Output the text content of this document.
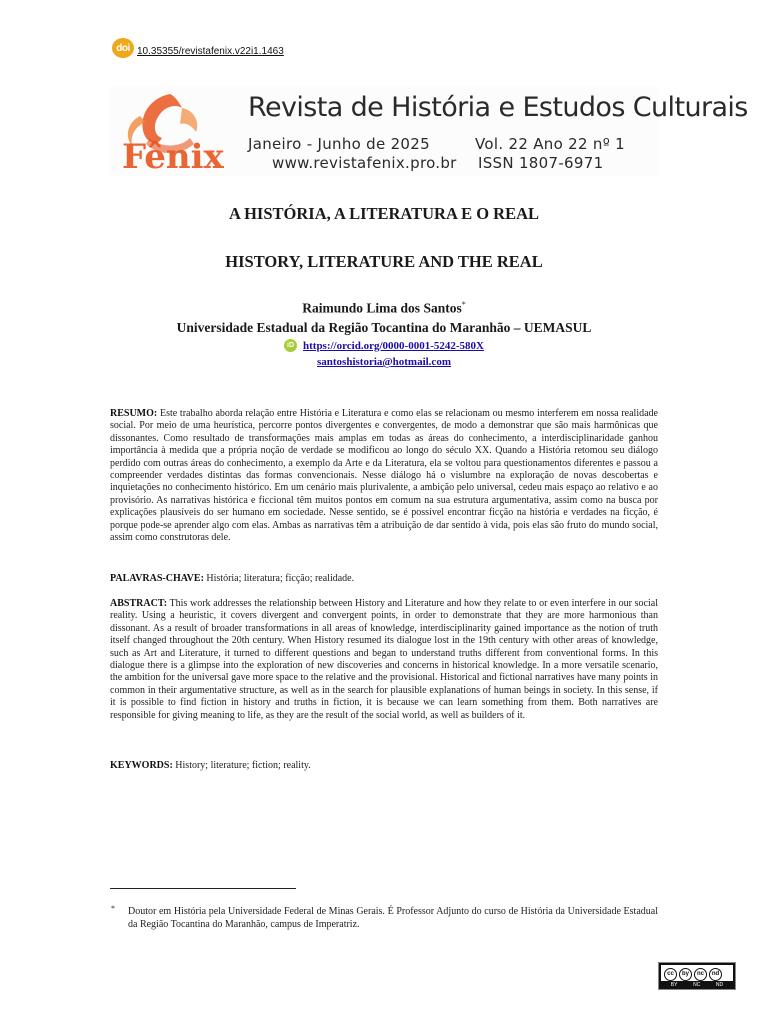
doi 10.35355/revistafenix.v22i1.1463
Fênix
Revista de História e Estudos Culturais
Janeiro - Junho de 2025	Vol. 22 Ano 22 nº 1
www.revistafenix.pro.br ISSN 1807-6971
A HISTÓRIA, A LITERATURA E O REAL
HISTORY, LITERATURE AND THE REAL
Raimundo Lima dos Santos*
Universidade Estadual da Região Tocantina do Maranhão – UEMASUL
iD https://orcid.org/0000-0001-5242-580X
santoshistoria@hotmail.com
RESUMO: Este trabalho aborda relação entre História e Literatura e como elas se relacionam ou mesmo interferem em nossa realidade social. Por meio de uma heurística, percorre pontos divergentes e convergentes, de modo a demonstrar que são mais harmônicas que dissonantes. Como resultado de transformações mais amplas em todas as áreas do conhecimento, a interdisciplinaridade ganhou importância à medida que a própria noção de verdade se modificou ao longo do século XX. Quando a História retomou seu diálogo perdido com outras áreas do conhecimento, a exemplo da Arte e da Literatura, ela se voltou para questionamentos diferentes e passou a compreender verdades distintas das formas convencionais. Nesse diálogo há o vislumbre na exploração de novas descobertas e inquietações no conhecimento histórico. Em um cenário mais plurivalente, a ambição pelo universal, cedeu mais espaço ao relativo e ao provisório. As narrativas histórica e ficcional têm muitos pontos em comum na sua estrutura argumentativa, assim como na busca por explicações plausíveis do ser humano em sociedade. Nesse sentido, se é possível encontrar ficção na história e verdades na ficção, é porque pode-se aprender algo com elas. Ambas as narrativas têm a atribuição de dar sentido à vida, pois elas são fruto do mundo social, assim como construtoras dele.
PALAVRAS-CHAVE: História; literatura; ficção; realidade.
ABSTRACT: This work addresses the relationship between History and Literature and how they relate to or even interfere in our social reality. Using a heuristic, it covers divergent and convergent points, in order to demonstrate that they are more harmonious than dissonant. As a result of broader transformations in all areas of knowledge, interdisciplinarity gained importance as the notion of truth itself changed throughout the 20th century. When History resumed its dialogue lost in the 19th century with other areas of knowledge, such as Art and Literature, it turned to different questions and began to understand truths different from conventional forms. In this dialogue there is a glimpse into the exploration of new discoveries and concerns in historical knowledge. In a more versatile scenario, the ambition for the universal gave more space to the relative and the provisional. Historical and fictional narratives have many points in common in their argumentative structure, as well as in the search for plausible explanations of human beings in society. In this sense, if it is possible to find fiction in history and truths in fiction, it is because we can learn something from them. Both narratives are responsible for giving meaning to life, as they are the result of the social world, as well as builders of it.
KEYWORDS: History; literature; fiction; reality.
* Doutor em História pela Universidade Federal de Minas Gerais. É Professor Adjunto do curso de História da Universidade Estadual da Região Tocantina do Maranhão, campus de Imperatriz.
cc	by	nc	nd
BY	NC	ND
